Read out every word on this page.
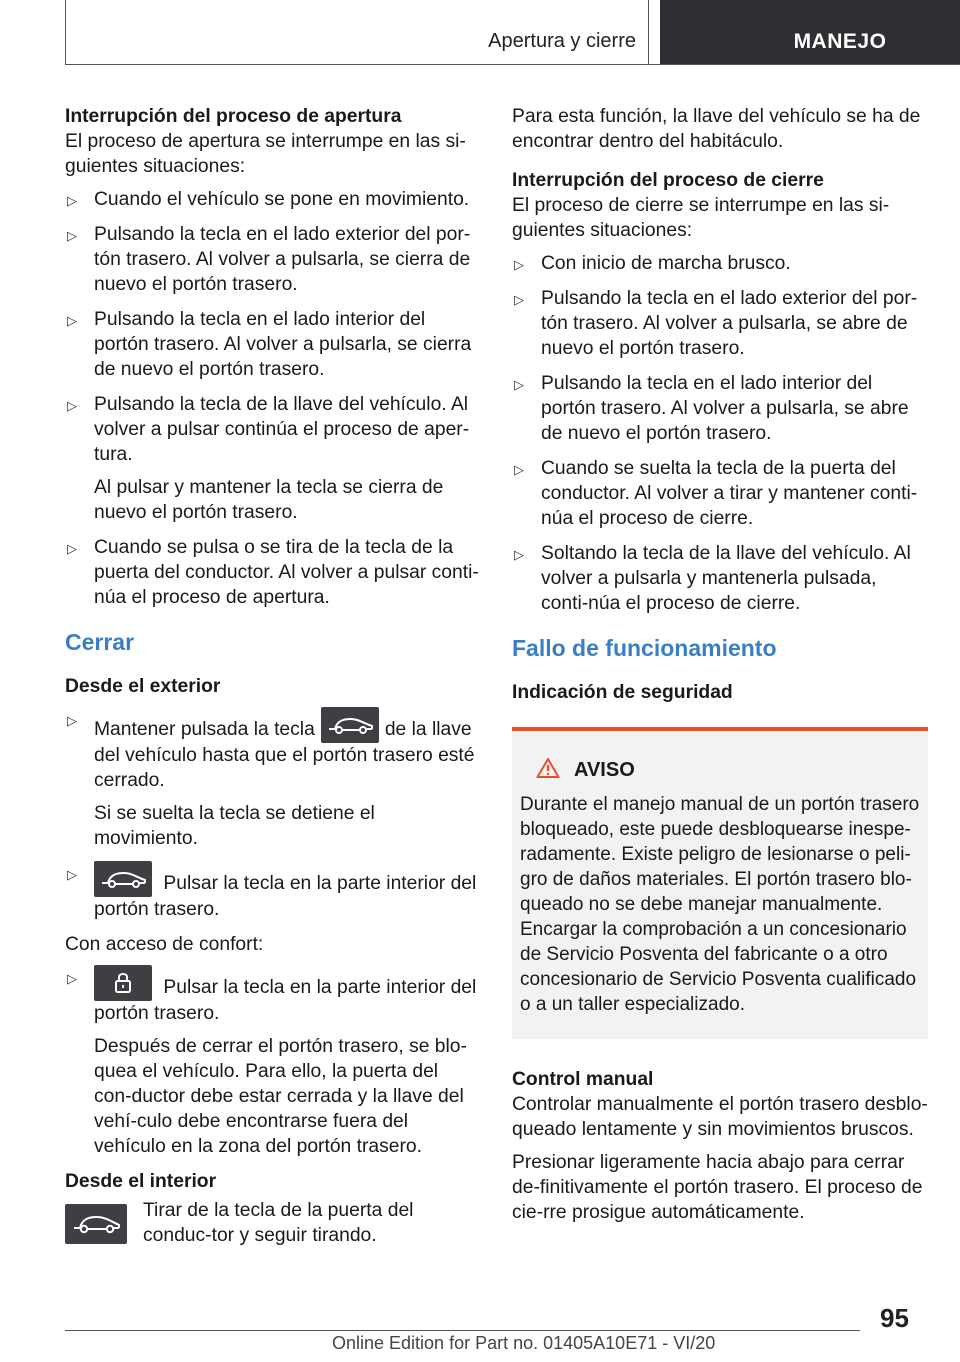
Apertura y cierre	MANEJO
Interrupción del proceso de apertura
El proceso de apertura se interrumpe en las si-guientes situaciones:
▷ Cuando el vehículo se pone en movimiento.
▷ Pulsando la tecla en el lado exterior del por-tón trasero. Al volver a pulsarla, se cierra de nuevo el portón trasero.
▷ Pulsando la tecla en el lado interior del portón trasero. Al volver a pulsarla, se cierra de nuevo el portón trasero.
▷ Pulsando la tecla de la llave del vehículo. Al volver a pulsar continúa el proceso de aper-tura.
Al pulsar y mantener la tecla se cierra de nuevo el portón trasero.
▷ Cuando se pulsa o se tira de la tecla de la puerta del conductor. Al volver a pulsar conti-núa el proceso de apertura.
Cerrar
Desde el exterior
▷ Mantener pulsada la tecla	de la llave del vehículo hasta que el portón trasero esté cerrado.
Si se suelta la tecla se detiene el movimiento.
▷	Pulsar la tecla en la parte interior del portón trasero.
Con acceso de confort:
▷	Pulsar la tecla en la parte interior del portón trasero.
Después de cerrar el portón trasero, se blo-quea el vehículo. Para ello, la puerta del con-ductor debe estar cerrada y la llave del vehí-culo debe encontrarse fuera del vehículo en la zona del portón trasero.
Desde el interior
Tirar de la tecla de la puerta del conduc-tor y seguir tirando.
Para esta función, la llave del vehículo se ha de encontrar dentro del habitáculo.
Interrupción del proceso de cierre
El proceso de cierre se interrumpe en las si-guientes situaciones:
▷ Con inicio de marcha brusco.
▷ Pulsando la tecla en el lado exterior del por-tón trasero. Al volver a pulsarla, se abre de nuevo el portón trasero.
▷ Pulsando la tecla en el lado interior del portón trasero. Al volver a pulsarla, se abre de nuevo el portón trasero.
▷ Cuando se suelta la tecla de la puerta del conductor. Al volver a tirar y mantener conti-núa el proceso de cierre.
▷ Soltando la tecla de la llave del vehículo. Al volver a pulsarla y mantenerla pulsada, conti-núa el proceso de cierre.
Fallo de funcionamiento
Indicación de seguridad
AVISO
Durante el manejo manual de un portón trasero bloqueado, este puede desbloquearse inespe-radamente. Existe peligro de lesionarse o peli-gro de daños materiales. El portón trasero blo-queado no se debe manejar manualmente. Encargar la comprobación a un concesionario de Servicio Posventa del fabricante o a otro concesionario de Servicio Posventa cualificado o a un taller especializado.
Control manual
Controlar manualmente el portón trasero desblo-queado lentamente y sin movimientos bruscos.
Presionar ligeramente hacia abajo para cerrar de-finitivamente el portón trasero. El proceso de cie-rre prosigue automáticamente.
95
Online Edition for Part no. 01405A10E71 - VI/20
